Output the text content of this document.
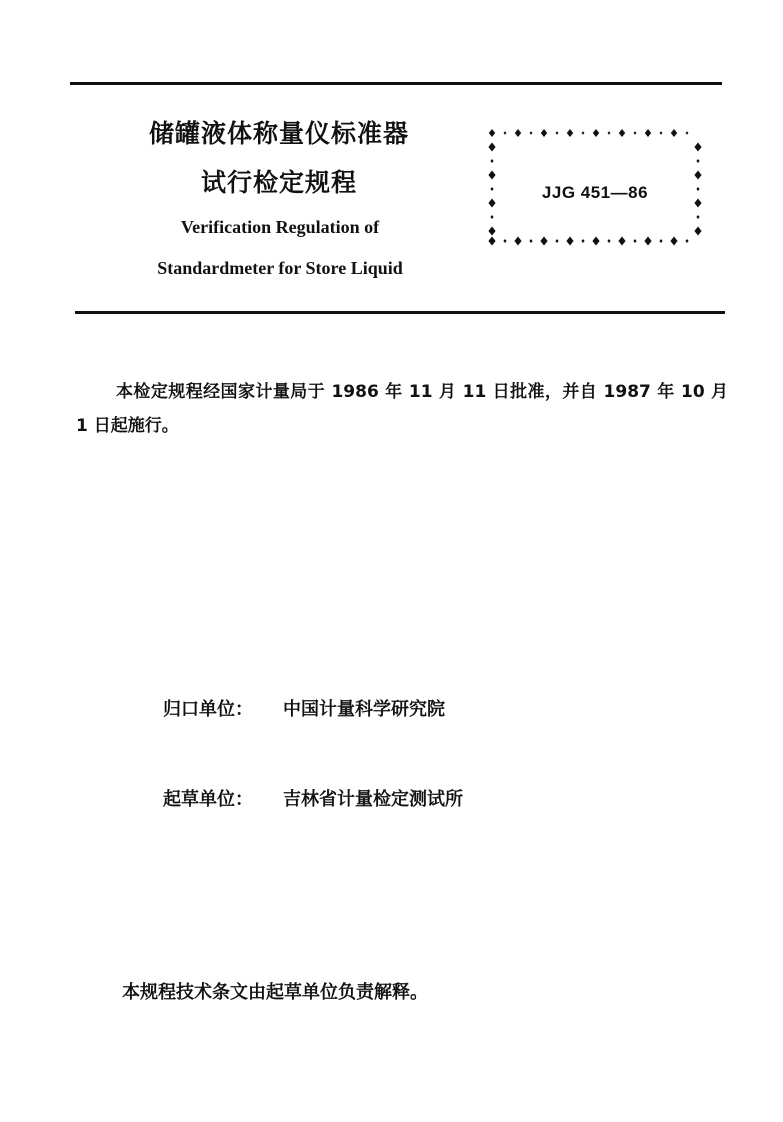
储罐液体称量仪标准器
试行检定规程
Verification Regulation of
Standardmeter for Store Liquid
JJG 451—86
本检定规程经国家计量局于 1986 年 11 月 11 日批准，并自 1987 年 10 月 1 日起施行。
归口单位： 中国计量科学研究院
起草单位： 吉林省计量检定测试所
本规程技术条文由起草单位负责解释。
